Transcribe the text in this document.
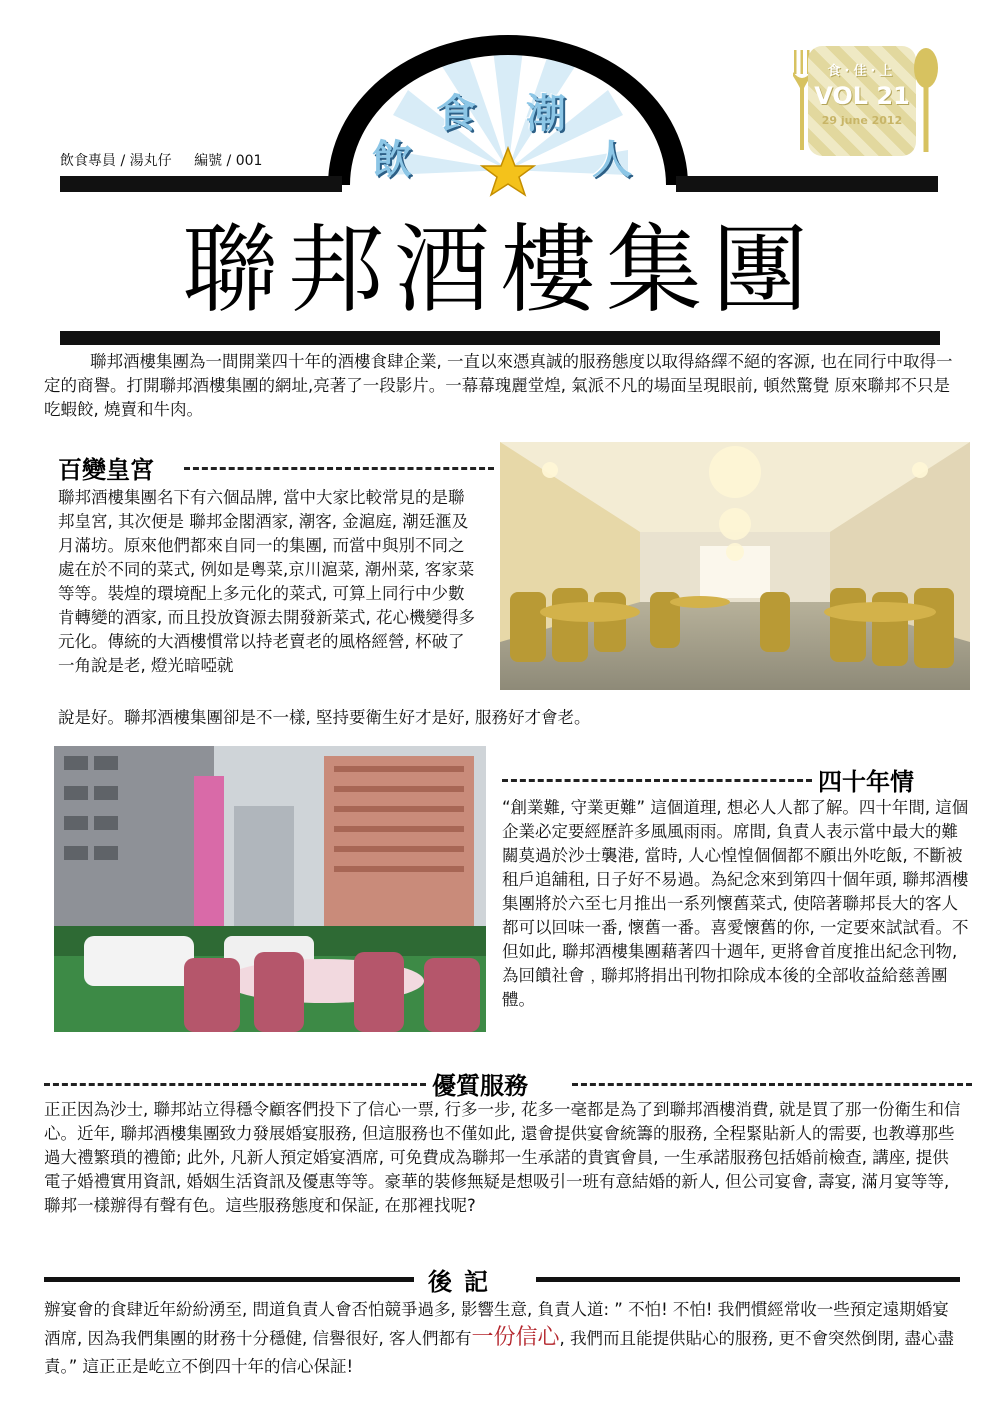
飲
食 潮
人
飲食專員 / 湯丸仔 編號 / 001
食·佳·上
VOL 21
29 june 2012
聯邦酒樓集團

聯邦酒樓集團為一間開業四十年的酒樓食肆企業, 一直以來憑真誠的服務態度以取得絡繹不絕的客源, 也在同行中取得一定的商譽。打開聯邦酒樓集團的網址,亮著了一段影片。一幕幕瑰麗堂煌, 氣派不凡的場面呈現眼前, 頓然驚覺 原來聯邦不只是吃蝦餃, 燒賣和牛肉。

百變皇宮

聯邦酒樓集團名下有六個品牌, 當中大家比較常見的是聯邦皇宮, 其次便是 聯邦金閣酒家, 潮客, 金滬庭, 潮廷滙及月滿坊。原來他們都來自同一的集團, 而當中與別不同之處在於不同的菜式, 例如是粵菜,京川滬菜, 潮州菜, 客家菜等等。裝煌的環境配上多元化的菜式, 可算上同行中少數肯轉變的酒家, 而且投放資源去開發新菜式, 花心機變得多元化。傳統的大酒樓慣常以持老賣老的風格經營, 杯破了一角說是老, 燈光暗啞就

說是好。聯邦酒樓集團卻是不一樣, 堅持要衛生好才是好, 服務好才會老。

四十年情

“創業難, 守業更難” 這個道理, 想必人人都了解。四十年間, 這個企業必定要經歷許多風風雨雨。席間, 負責人表示當中最大的難關莫過於沙士襲港, 當時, 人心惶惶個個都不願出外吃飯, 不斷被租戶追舖租, 日子好不易過。為紀念來到第四十個年頭, 聯邦酒樓集團將於六至七月推出一系列懷舊菜式, 使陪著聯邦長大的客人都可以回味一番, 懷舊一番。喜愛懷舊的你, 一定要來試試看。不但如此, 聯邦酒樓集團藉著四十週年, 更將會首度推出紀念刊物, 為回饋社會﹐聯邦將捐出刊物扣除成本後的全部收益給慈善團體。

優質服務

正正因為沙士, 聯邦站立得穩令顧客們投下了信心一票, 行多一步, 花多一毫都是為了到聯邦酒樓消費, 就是買了那一份衛生和信心。近年, 聯邦酒樓集團致力發展婚宴服務, 但這服務也不僅如此, 還會提供宴會統籌的服務, 全程緊貼新人的需要, 也教導那些過大禮繁瑣的禮節; 此外, 凡新人預定婚宴酒席, 可免費成為聯邦一生承諾的貴賓會員, 一生承諾服務包括婚前檢查, 講座, 提供電子婚禮實用資訊, 婚姻生活資訊及優惠等等。豪華的裝修無疑是想吸引一班有意結婚的新人, 但公司宴會, 壽宴, 滿月宴等等, 聯邦一樣辦得有聲有色。這些服務態度和保証, 在那裡找呢?

後記

辦宴會的食肆近年紛紛湧至, 問道負責人會否怕競爭過多, 影響生意, 負責人道: ” 不怕! 不怕! 我們慣經常收一些預定遠期婚宴酒席, 因為我們集團的財務十分穩健, 信譽很好, 客人們都有一份信心, 我們而且能提供貼心的服務, 更不會突然倒閉, 盡心盡責。” 這正正是屹立不倒四十年的信心保証!
